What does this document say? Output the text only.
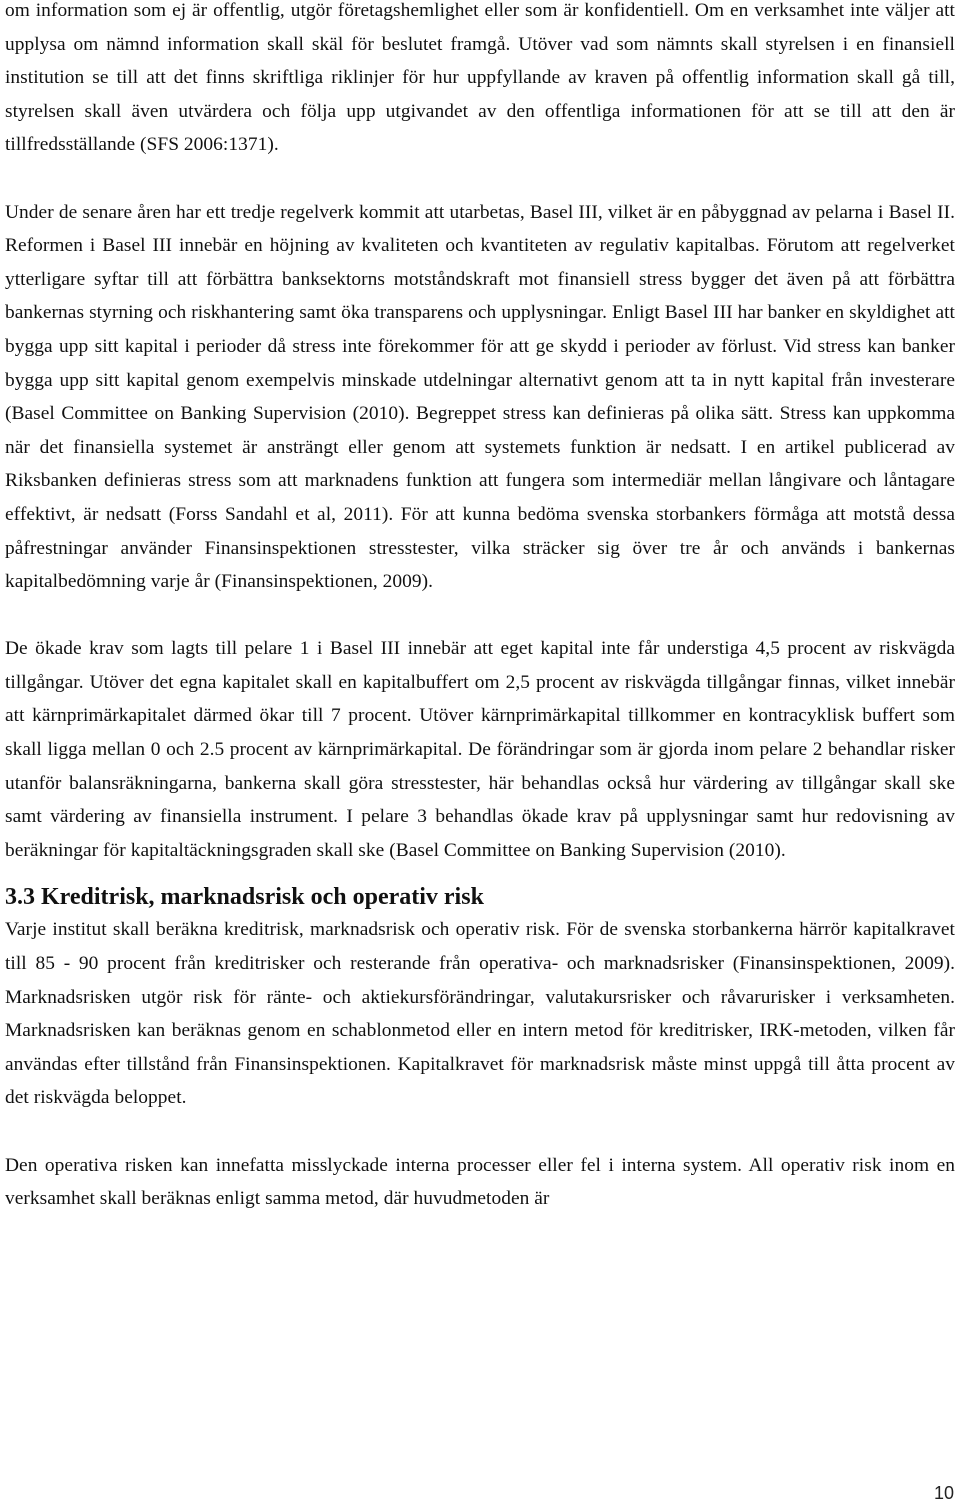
om information som ej är offentlig, utgör företagshemlighet eller som är konfidentiell. Om en verksamhet inte väljer att upplysa om nämnd information skall skäl för beslutet framgå. Utöver vad som nämnts skall styrelsen i en finansiell institution se till att det finns skriftliga riklinjer för hur uppfyllande av kraven på offentlig information skall gå till, styrelsen skall även utvärdera och följa upp utgivandet av den offentliga informationen för att se till att den är tillfredsställande (SFS 2006:1371).

Under de senare åren har ett tredje regelverk kommit att utarbetas, Basel III, vilket är en påbyggnad av pelarna i Basel II. Reformen i Basel III innebär en höjning av kvaliteten och kvantiteten av regulativ kapitalbas. Förutom att regelverket ytterligare syftar till att förbättra banksektorns motståndskraft mot finansiell stress bygger det även på att förbättra bankernas styrning och riskhantering samt öka transparens och upplysningar. Enligt Basel III har banker en skyldighet att bygga upp sitt kapital i perioder då stress inte förekommer för att ge skydd i perioder av förlust. Vid stress kan banker bygga upp sitt kapital genom exempelvis minskade utdelningar alternativt genom att ta in nytt kapital från investerare (Basel Committee on Banking Supervision (2010). Begreppet stress kan definieras på olika sätt. Stress kan uppkomma när det finansiella systemet är ansträngt eller genom att systemets funktion är nedsatt. I en artikel publicerad av Riksbanken definieras stress som att marknadens funktion att fungera som intermediär mellan långivare och låntagare effektivt, är nedsatt (Forss Sandahl et al, 2011). För att kunna bedöma svenska storbankers förmåga att motstå dessa påfrestningar använder Finansinspektionen stresstester, vilka sträcker sig över tre år och används i bankernas kapitalbedömning varje år (Finansinspektionen, 2009).

De ökade krav som lagts till pelare 1 i Basel III innebär att eget kapital inte får understiga 4,5 procent av riskvägda tillgångar. Utöver det egna kapitalet skall en kapitalbuffert om 2,5 procent av riskvägda tillgångar finnas, vilket innebär att kärnprimärkapitalet därmed ökar till 7 procent. Utöver kärnprimärkapital tillkommer en kontracyklisk buffert som skall ligga mellan 0 och 2.5 procent av kärnprimärkapital. De förändringar som är gjorda inom pelare 2 behandlar risker utanför balansräkningarna, bankerna skall göra stresstester, här behandlas också hur värdering av tillgångar skall ske samt värdering av finansiella instrument. I pelare 3 behandlas ökade krav på upplysningar samt hur redovisning av beräkningar för kapitaltäckningsgraden skall ske (Basel Committee on Banking Supervision (2010).

3.3 Kreditrisk, marknadsrisk och operativ risk

Varje institut skall beräkna kreditrisk, marknadsrisk och operativ risk. För de svenska storbankerna härrör kapitalkravet till 85 - 90 procent från kreditrisker och resterande från operativa- och marknadsrisker (Finansinspektionen, 2009). Marknadsrisken utgör risk för ränte- och aktiekursförändringar, valutakursrisker och råvarurisker i verksamheten. Marknadsrisken kan beräknas genom en schablonmetod eller en intern metod för kreditrisker, IRK-metoden, vilken får användas efter tillstånd från Finansinspektionen. Kapitalkravet för marknadsrisk måste minst uppgå till åtta procent av det riskvägda beloppet.

Den operativa risken kan innefatta misslyckade interna processer eller fel i interna system. All operativ risk inom en verksamhet skall beräknas enligt samma metod, där huvudmetoden är

10
